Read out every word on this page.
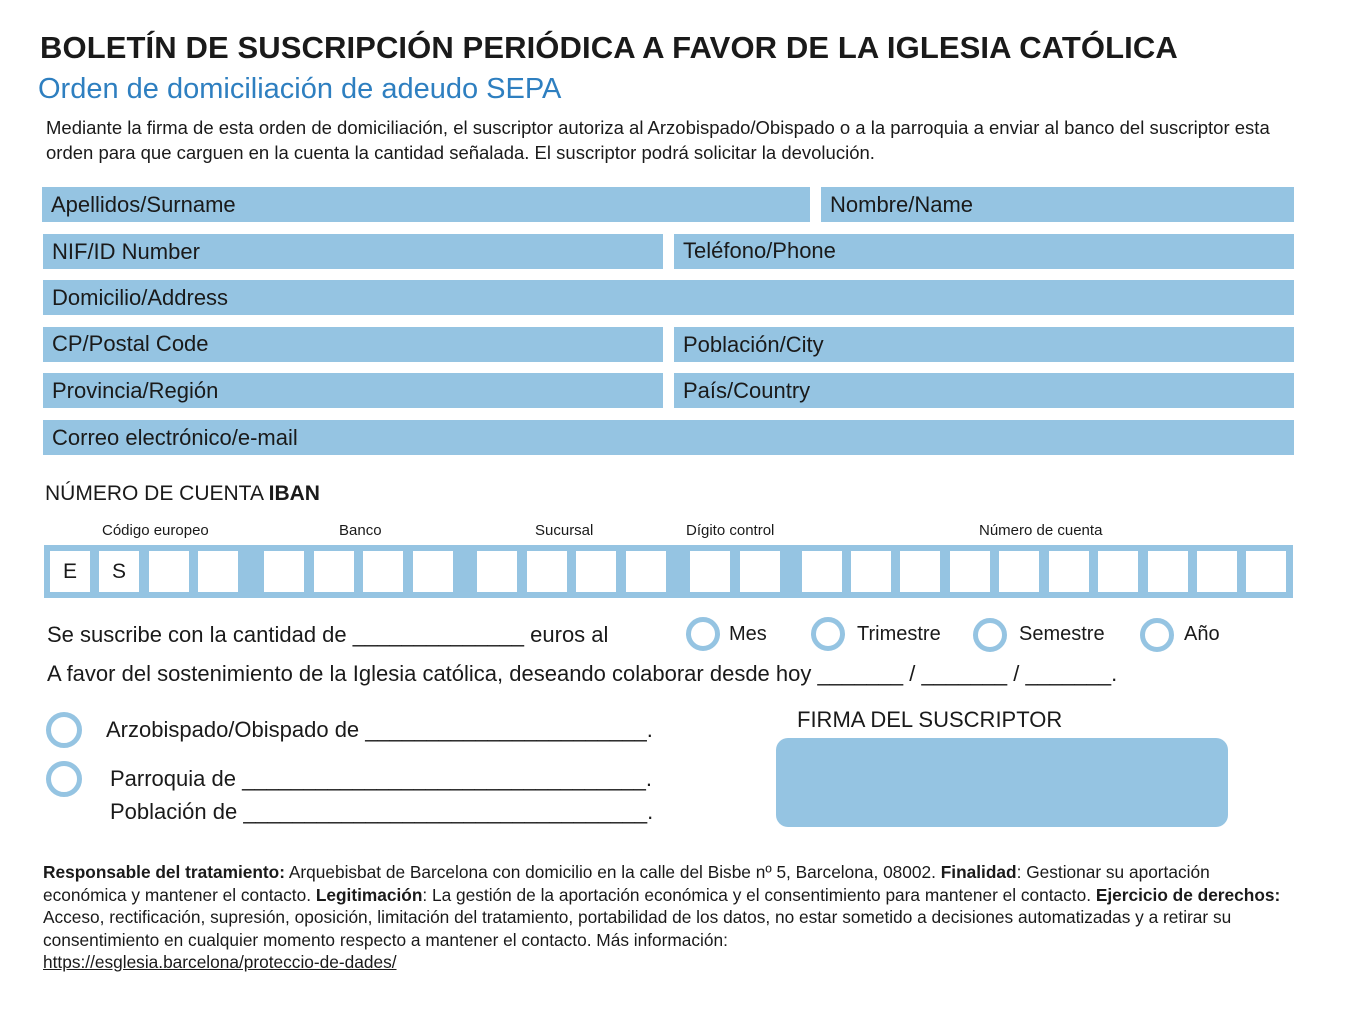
BOLETÍN DE SUSCRIPCIÓN PERIÓDICA A FAVOR DE LA IGLESIA CATÓLICA
Orden de domiciliación de adeudo SEPA
Mediante la firma de esta orden de domiciliación, el suscriptor autoriza al Arzobispado/Obispado o a la parroquia a enviar al banco del suscriptor esta orden para que carguen en la cuenta la cantidad señalada. El suscriptor podrá solicitar la devolución.
Apellidos/Surname	Nombre/Name
NIF/ID Number	Teléfono/Phone
Domicilio/Address
CP/Postal Code	Población/City
Provincia/Región	País/Country
Correo electrónico/e-mail
NÚMERO DE CUENTA IBAN
Código europeo	Banco	Sucursal	Dígito control	Número de cuenta
E	S
Se suscribe con la cantidad de ______________ euros al	Mes	Trimestre	Semestre	Año
A favor del sostenimiento de la Iglesia católica, deseando colaborar desde hoy _______ / _______ / _______.
Arzobispado/Obispado de _______________________.
Parroquia de _________________________________.
Población de _________________________________.
FIRMA DEL SUSCRIPTOR
Responsable del tratamiento: Arquebisbat de Barcelona con domicilio en la calle del Bisbe nº 5, Barcelona, 08002. Finalidad: Gestionar su aportación económica y mantener el contacto. Legitimación: La gestión de la aportación económica y el consentimiento para mantener el contacto. Ejercicio de derechos: Acceso, rectificación, supresión, oposición, limitación del tratamiento, portabilidad de los datos, no estar sometido a decisiones automatizadas y a retirar su consentimiento en cualquier momento respecto a mantener el contacto. Más información:
https://esglesia.barcelona/proteccio-de-dades/
